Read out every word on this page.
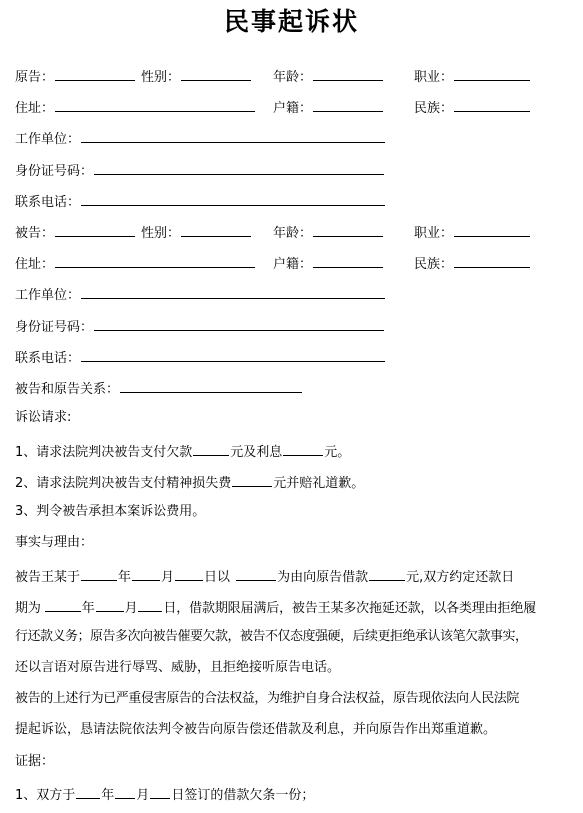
民事起诉状
原告：	性别：	年龄：	职业：
住址：	户籍：	民族：
工作单位：
身份证号码：
联系电话：
被告：	性别：	年龄：	职业：
住址：	户籍：	民族：
工作单位：
身份证号码：
联系电话：
被告和原告关系：
诉讼请求:
1、请求法院判决被告支付欠款	元及利息	元。
2、请求法院判决被告支付精神损失费	元并赔礼道歉。
3、判令被告承担本案诉讼费用。
事实与理由：
被告王某于	年 月 日以	为由向原告借款	元,双方约定还款日
期为	年 月 日，借款期限届满后，被告王某多次拖延还款，以各类理由拒绝履
行还款义务；原告多次向被告催要欠款，被告不仅态度强硬，后续更拒绝承认该笔欠款事实，
还以言语对原告进行辱骂、威胁，且拒绝接听原告电话。
被告的上述行为已严重侵害原告的合法权益，为维护自身合法权益，原告现依法向人民法院
提起诉讼，恳请法院依法判令被告向原告偿还借款及利息，并向原告作出郑重道歉。
证据：
1、双方于 年 月 日签订的借款欠条一份；
